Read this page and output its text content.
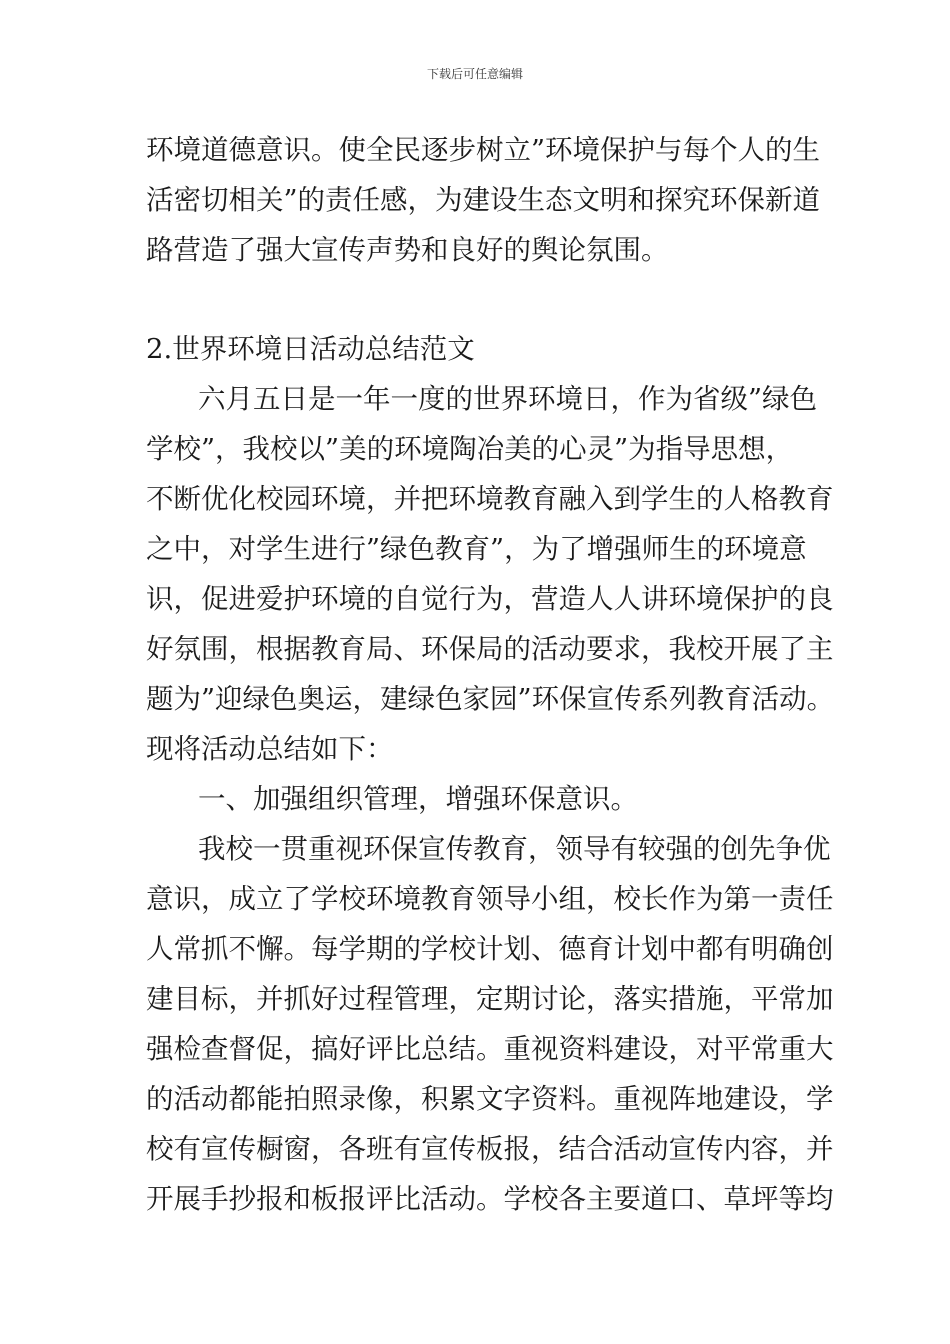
下载后可任意编辑
环境道德意识。使全民逐步树立”环境保护与每个人的生
活密切相关”的责任感，为建设生态文明和探究环保新道
路营造了强大宣传声势和良好的舆论氛围。
2.世界环境日活动总结范文
六月五日是一年一度的世界环境日，作为省级”绿色
学校”，我校以”美的环境陶冶美的心灵”为指导思想，
不断优化校园环境，并把环境教育融入到学生的人格教育
之中，对学生进行”绿色教育”，为了增强师生的环境意
识，促进爱护环境的自觉行为，营造人人讲环境保护的良
好氛围，根据教育局、环保局的活动要求，我校开展了主
题为”迎绿色奥运，建绿色家园”环保宣传系列教育活动。
现将活动总结如下：
一、加强组织管理，增强环保意识。
我校一贯重视环保宣传教育，领导有较强的创先争优
意识，成立了学校环境教育领导小组，校长作为第一责任
人常抓不懈。每学期的学校计划、德育计划中都有明确创
建目标，并抓好过程管理，定期讨论，落实措施，平常加
强检查督促，搞好评比总结。重视资料建设，对平常重大
的活动都能拍照录像，积累文字资料。重视阵地建设，学
校有宣传橱窗，各班有宣传板报，结合活动宣传内容，并
开展手抄报和板报评比活动。学校各主要道口、草坪等均
